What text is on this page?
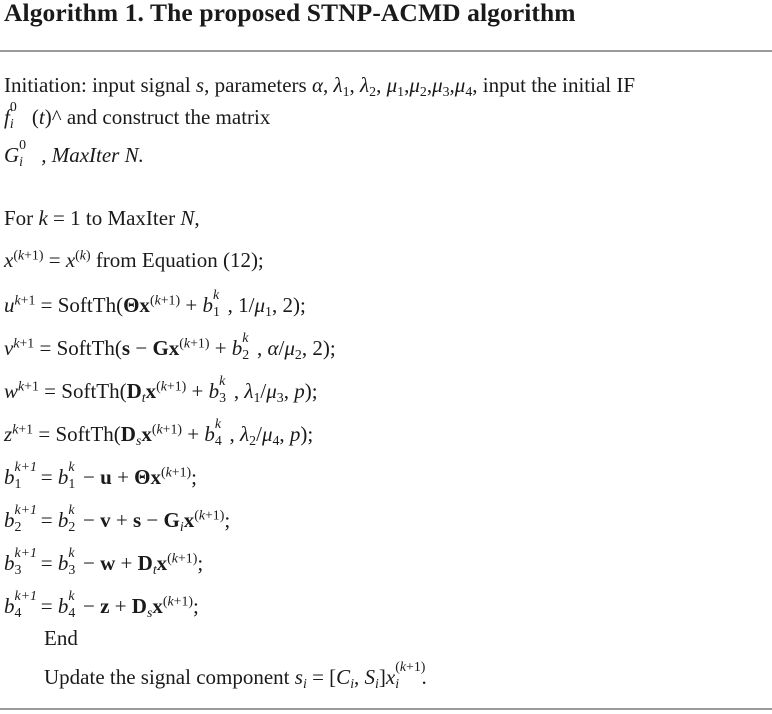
Algorithm 1. The proposed STNP-ACMD algorithm
Initiation: input signal s, parameters α, $\lambda_1$, $\lambda_2$, $\mu_1,\mu_2,\mu_3,\mu_4$, input the initial IF
f 0
i (t)^ and construct the matrix
G 0
i , MaxIter N.
For k = 1 to MaxIter N,
$x^{(k+1)} = x^{(k)}$ from Equation (12);
$u^{k+1}$ = $SoftTh(\Theta x^{(k+1)} + b$ k
1 , $1/\mu_1$, 2);
$v^{k+1}$ = SoftTh(s − $Gx^{(k+1)} + b$ k
2 , $\alpha/\mu_2$, 2);
$w^{k+1}$ = $SoftTh(D_tx^{(k+1)} + b$ k
3 , $\lambda_1/\mu_3$, p);
$z^{k+1}$ = $SoftTh(D_sx^{(k+1)} + b$ k
4 , $\lambda_2/\mu_4$, p);
b k+1
1 = b k
$1 - u + \Theta x^{(k+1)}$;
b k+1
2 = b k
$2 - v + s - G_ix^{(k+1)}$;
b k+1
3 = b k
$3 - w + D_tx^{(k+1)}$;
b k+1
4 = b k
$4 - z + D_sx^{(k+1)}$;
End
Update the signal component $s_i = [C_i$, $S_i]x$ (k+1)
i .
